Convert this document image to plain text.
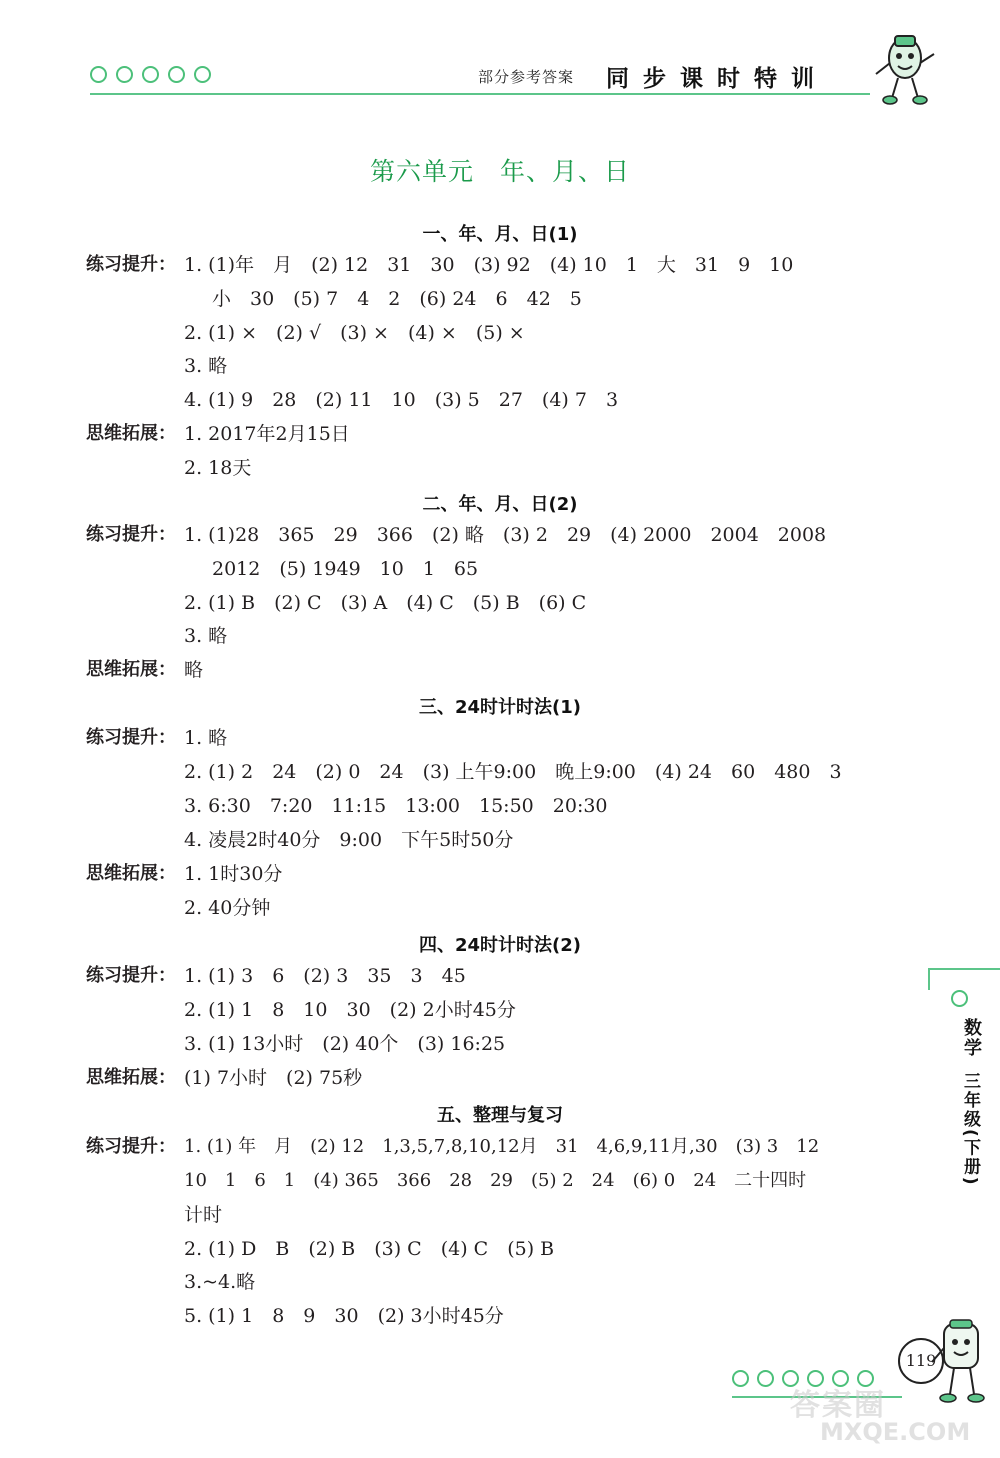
部分参考答案 同步课时特训
第六单元　年、月、日
一、年、月、日(1)
练习提升： 1. (1)年　月　(2) 12　31　30　(3) 92　(4) 10　1　大　31　9　10
小　30　(5) 7　4　2　(6) 24　6　42　5
2. (1) ×　(2) √　(3) ×　(4) ×　(5) ×
3. 略
4. (1) 9　28　(2) 11　10　(3) 5　27　(4) 7　3
思维拓展： 1. 2017年2月15日
2. 18天
二、年、月、日(2)
练习提升： 1. (1)28　365　29　366　(2) 略　(3) 2　29　(4) 2000　2004　2008
2012　(5) 1949　10　1　65
2. (1) B　(2) C　(3) A　(4) C　(5) B　(6) C
3. 略
思维拓展： 略
三、24时计时法(1)
练习提升： 1. 略
2. (1) 2　24　(2) 0　24　(3) 上午9:00　晚上9:00　(4) 24　60　480　3
3. 6:30　7:20　11:15　13:00　15:50　20:30
4. 凌晨2时40分　9:00　下午5时50分
思维拓展： 1. 1时30分
2. 40分钟
四、24时计时法(2)
练习提升： 1. (1) 3　6　(2) 3　35　3　45
2. (1) 1　8　10　30　(2) 2小时45分
3. (1) 13小时　(2) 40个　(3) 16:25
思维拓展： (1) 7小时　(2) 75秒
五、整理与复习
练习提升： 1. (1) 年　月　(2) 12　1,3,5,7,8,10,12月　31　4,6,9,11月,30　(3) 3　12
10　1　6　1　(4) 365　366　28　29　(5) 2　24　(6) 0　24　二十四时
计时
2. (1) D　B　(2) B　(3) C　(4) C　(5) B
3.~4.略
5. (1) 1　8　9　30　(2) 3小时45分
数学
三年级(下册)
119
答案圈
MXQE.COM
